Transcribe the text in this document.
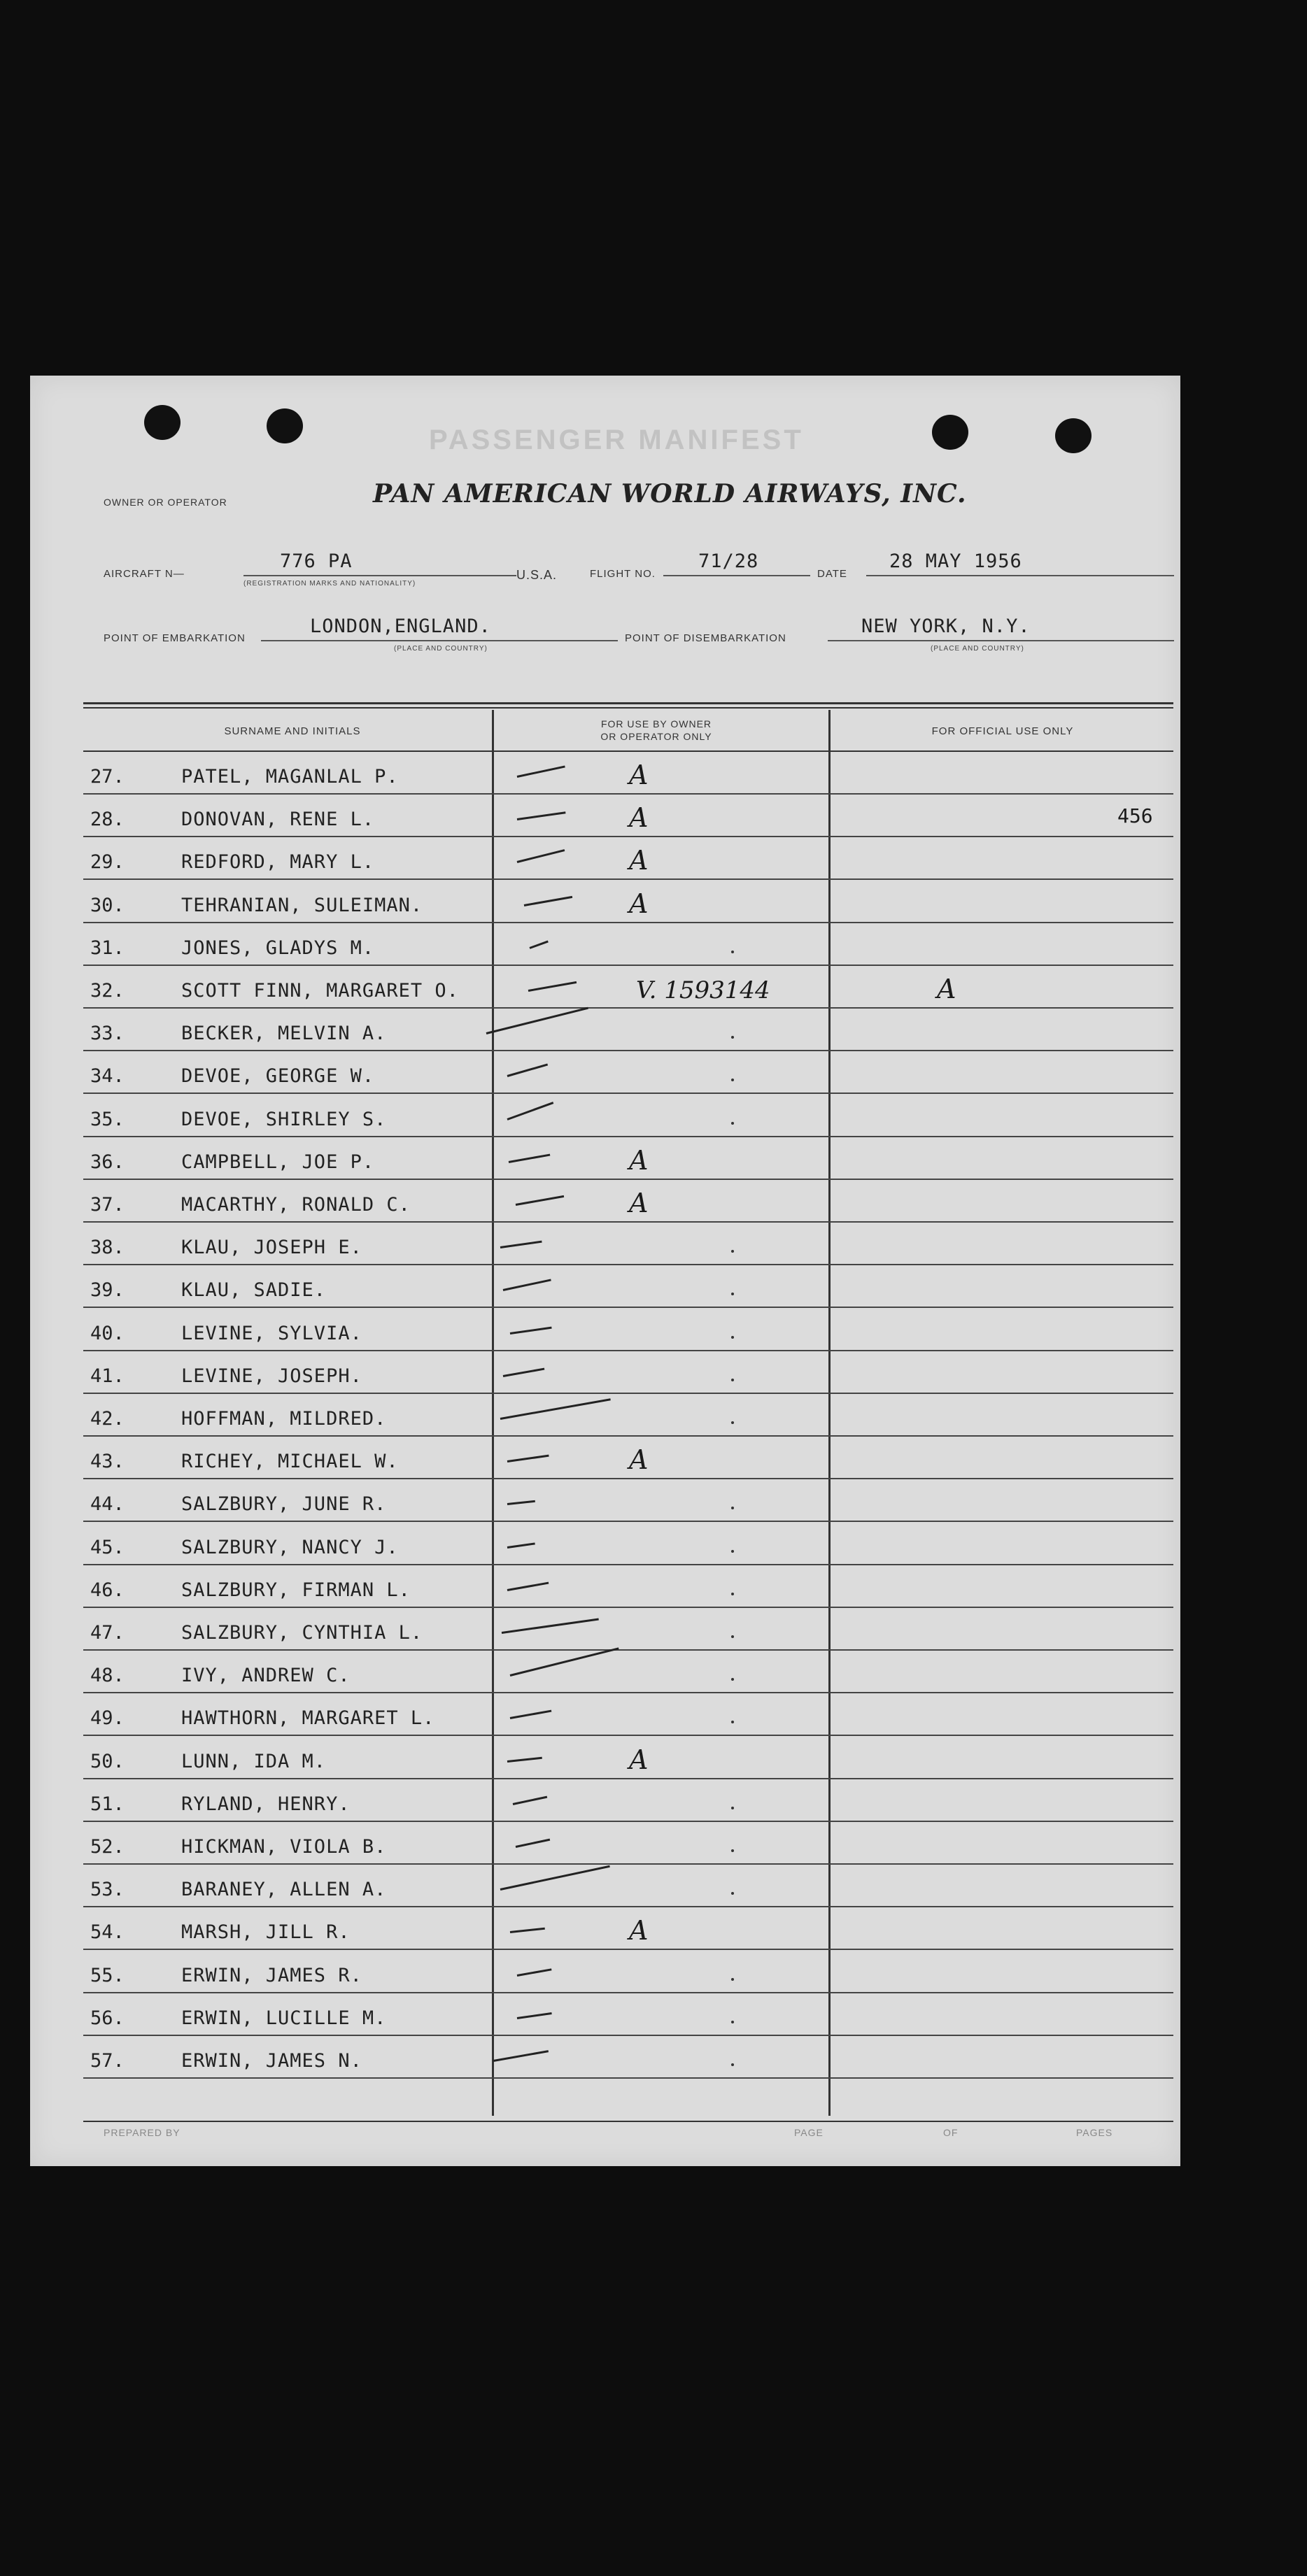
PASSENGER MANIFEST
OWNER OR OPERATOR	PAN AMERICAN WORLD AIRWAYS, INC.
AIRCRAFT N—
776 PA
(REGISTRATION MARKS AND NATIONALITY)
U.S.A.	FLIGHT NO.
71/28
DATE
28 MAY 1956
POINT OF EMBARKATION
LONDON,ENGLAND.
(PLACE AND COUNTRY)
POINT OF DISEMBARKATION
NEW YORK, N.Y.
(PLACE AND COUNTRY)
SURNAME AND INITIALS
FOR USE BY OWNER
OR OPERATOR ONLY	FOR OFFICIAL USE ONLY
27.	PATEL, MAGANLAL P.	A
28.	DONOVAN, RENE L.	A	456
29.	REDFORD, MARY L.	A
30.	TEHRANIAN, SULEIMAN.	A
31.	JONES, GLADYS M.
32.	SCOTT FINN, MARGARET O.	V. 1593144	A
33.	BECKER, MELVIN A.
34.	DEVOE, GEORGE W.
35.	DEVOE, SHIRLEY S.
36.	CAMPBELL, JOE P.	A
37.	MACARTHY, RONALD C.	A
38.	KLAU, JOSEPH E.
39.	KLAU, SADIE.
40.	LEVINE, SYLVIA.
41.	LEVINE, JOSEPH.
42.	HOFFMAN, MILDRED.
43.	RICHEY, MICHAEL W.	A
44.	SALZBURY, JUNE R.
45.	SALZBURY, NANCY J.
46.	SALZBURY, FIRMAN L.
47.	SALZBURY, CYNTHIA L.
48.	IVY, ANDREW C.
49.	HAWTHORN, MARGARET L.
50.	LUNN, IDA M.	A
51.	RYLAND, HENRY.
52.	HICKMAN, VIOLA B.
53.	BARANEY, ALLEN A.
54.	MARSH, JILL R.	A
55.	ERWIN, JAMES R.
56.	ERWIN, LUCILLE M.
57.	ERWIN, JAMES N.
PREPARED BY	PAGE	OF	PAGES
